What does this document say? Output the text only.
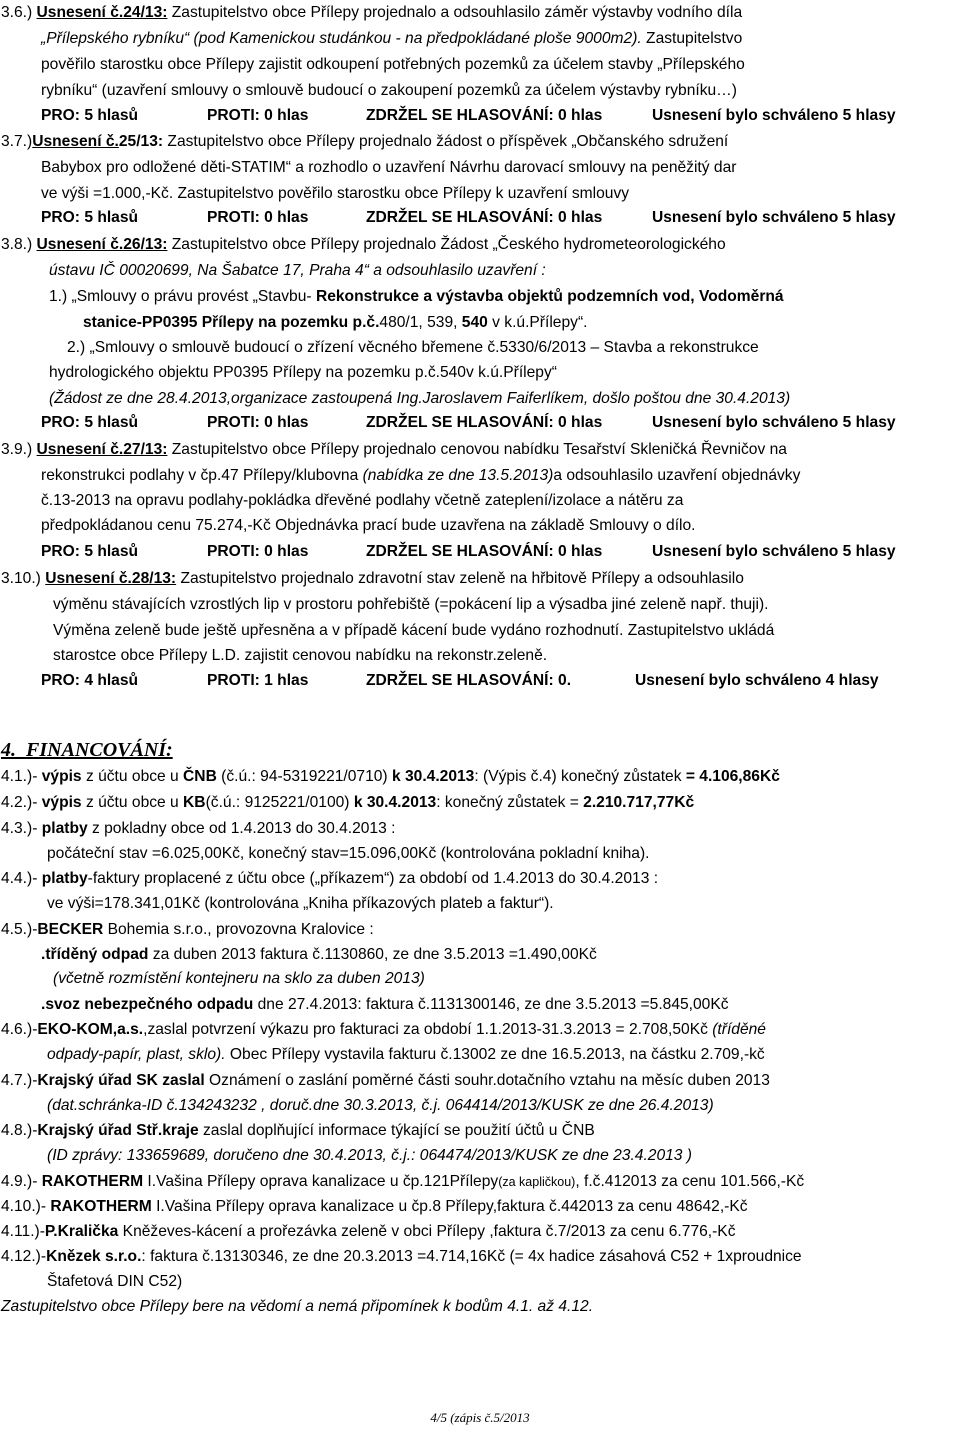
3.6.) Usnesení č.24/13: Zastupitelstvo obce Přílepy projednalo a odsouhlasilo záměr výstavby vodního díla
„Přílepského rybníku“ (pod Kamenickou studánkou - na předpokládané ploše 9000m2). Zastupitelstvo
pověřilo starostku obce Přílepy zajistit odkoupení potřebných pozemků za účelem stavby „Přílepského
rybníku“ (uzavření smlouvy o smlouvě budoucí o zakoupení pozemků za účelem výstavby rybníku…)
PRO: 5 hlasů	PROTI: 0 hlas	ZDRŽEL SE HLASOVÁNÍ: 0 hlas	Usnesení bylo schváleno 5 hlasy
3.7.)Usnesení č.25/13: Zastupitelstvo obce Přílepy projednalo žádost o příspěvek „Občanského sdružení
Babybox pro odložené děti-STATIM“ a rozhodlo o uzavření Návrhu darovací smlouvy na peněžitý dar
ve výši =1.000,-Kč. Zastupitelstvo pověřilo starostku obce Přílepy k uzavření smlouvy
PRO: 5 hlasů	PROTI: 0 hlas	ZDRŽEL SE HLASOVÁNÍ: 0 hlas	Usnesení bylo schváleno 5 hlasy
3.8.) Usnesení č.26/13: Zastupitelstvo obce Přílepy projednalo Žádost „Českého hydrometeorologického
ústavu IČ 00020699, Na Šabatce 17, Praha 4“ a odsouhlasilo uzavření :
1.) „Smlouvy o právu provést „Stavbu- Rekonstrukce a výstavba objektů podzemních vod, Vodoměrná
stanice-PP0395 Přílepy na pozemku p.č.480/1, 539, 540 v k.ú.Přílepy“.
2.) „Smlouvy o smlouvě budoucí o zřízení věcného břemene č.5330/6/2013 – Stavba a rekonstrukce
hydrologického objektu PP0395 Přílepy na pozemku p.č.540v k.ú.Přílepy“
(Žádost ze dne 28.4.2013,organizace zastoupená Ing.Jaroslavem Faiferlíkem, došlo poštou dne 30.4.2013)
PRO: 5 hlasů	PROTI: 0 hlas	ZDRŽEL SE HLASOVÁNÍ: 0 hlas	Usnesení bylo schváleno 5 hlasy
3.9.) Usnesení č.27/13: Zastupitelstvo obce Přílepy projednalo cenovou nabídku Tesařství Skleničká Řevničov na
rekonstrukci podlahy v čp.47 Přílepy/klubovna (nabídka ze dne 13.5.2013)a odsouhlasilo uzavření objednávky
č.13-2013 na opravu podlahy-pokládka dřevěné podlahy včetně zateplení/izolace a nátěru za
předpokládanou cenu 75.274,-Kč Objednávka prací bude uzavřena na základě Smlouvy o dílo.
PRO: 5 hlasů	PROTI: 0 hlas	ZDRŽEL SE HLASOVÁNÍ: 0 hlas	Usnesení bylo schváleno 5 hlasy
3.10.) Usnesení č.28/13: Zastupitelstvo projednalo zdravotní stav zeleně na hřbitově Přílepy a odsouhlasilo
výměnu stávajících vzrostlých lip v prostoru pohřebiště (=pokácení lip a výsadba jiné zeleně např. thuji).
Výměna zeleně bude ještě upřesněna a v případě kácení bude vydáno rozhodnutí. Zastupitelstvo ukládá
starostce obce Přílepy L.D. zajistit cenovou nabídku na rekonstr.zeleně.
PRO: 4 hlasů	PROTI: 1 hlas	ZDRŽEL SE HLASOVÁNÍ: 0.	Usnesení bylo schváleno 4 hlasy
4. FINANCOVÁNÍ:
4.1.)- výpis z účtu obce u ČNB (č.ú.: 94-5319221/0710) k 30.4.2013: (Výpis č.4) konečný zůstatek = 4.106,86Kč
4.2.)- výpis z účtu obce u KB(č.ú.: 9125221/0100) k 30.4.2013: konečný zůstatek = 2.210.717,77Kč
4.3.)- platby z pokladny obce od 1.4.2013 do 30.4.2013 :
počáteční stav =6.025,00Kč, konečný stav=15.096,00Kč (kontrolována pokladní kniha).
4.4.)- platby-faktury proplacené z účtu obce („příkazem“) za období od 1.4.2013 do 30.4.2013 :
ve výši=178.341,01Kč (kontrolována „Kniha příkazových plateb a faktur“).
4.5.)-BECKER Bohemia s.r.o., provozovna Kralovice :
.tříděný odpad za duben 2013 faktura č.1130860, ze dne 3.5.2013 =1.490,00Kč
(včetně rozmístění kontejneru na sklo za duben 2013)
.svoz nebezpečného odpadu dne 27.4.2013: faktura č.1131300146, ze dne 3.5.2013 =5.845,00Kč
4.6.)-EKO-KOM,a.s.,zaslal potvrzení výkazu pro fakturaci za období 1.1.2013-31.3.2013 = 2.708,50Kč (tříděné
odpady-papír, plast, sklo). Obec Přílepy vystavila fakturu č.13002 ze dne 16.5.2013, na částku 2.709,-kč
4.7.)-Krajský úřad SK zaslal Oznámení o zaslání poměrné části souhr.dotačního vztahu na měsíc duben 2013
(dat.schránka-ID č.134243232 , doruč.dne 30.3.2013, č.j. 064414/2013/KUSK ze dne 26.4.2013)
4.8.)-Krajský úřad Stř.kraje zaslal doplňující informace týkající se použití účtů u ČNB
(ID zprávy: 133659689, doručeno dne 30.4.2013, č.j.: 064474/2013/KUSK ze dne 23.4.2013 )
4.9.)- RAKOTHERM I.Vašina Přílepy oprava kanalizace u čp.121Přílepy(za kapličkou), f.č.412013 za cenu 101.566,-Kč
4.10.)- RAKOTHERM I.Vašina Přílepy oprava kanalizace u čp.8 Přílepy,faktura č.442013 za cenu 48642,-Kč
4.11.)-P.Kralička Kněževes-kácení a prořezávka zeleně v obci Přílepy ,faktura č.7/2013 za cenu 6.776,-Kč
4.12.)-Knězek s.r.o.: faktura č.13130346, ze dne 20.3.2013 =4.714,16Kč (= 4x hadice zásahová C52 + 1xproudnice
Štafetová DIN C52)
Zastupitelstvo obce Přílepy bere na vědomí a nemá připomínek k bodům 4.1. až 4.12.
4/5 (zápis č.5/2013
